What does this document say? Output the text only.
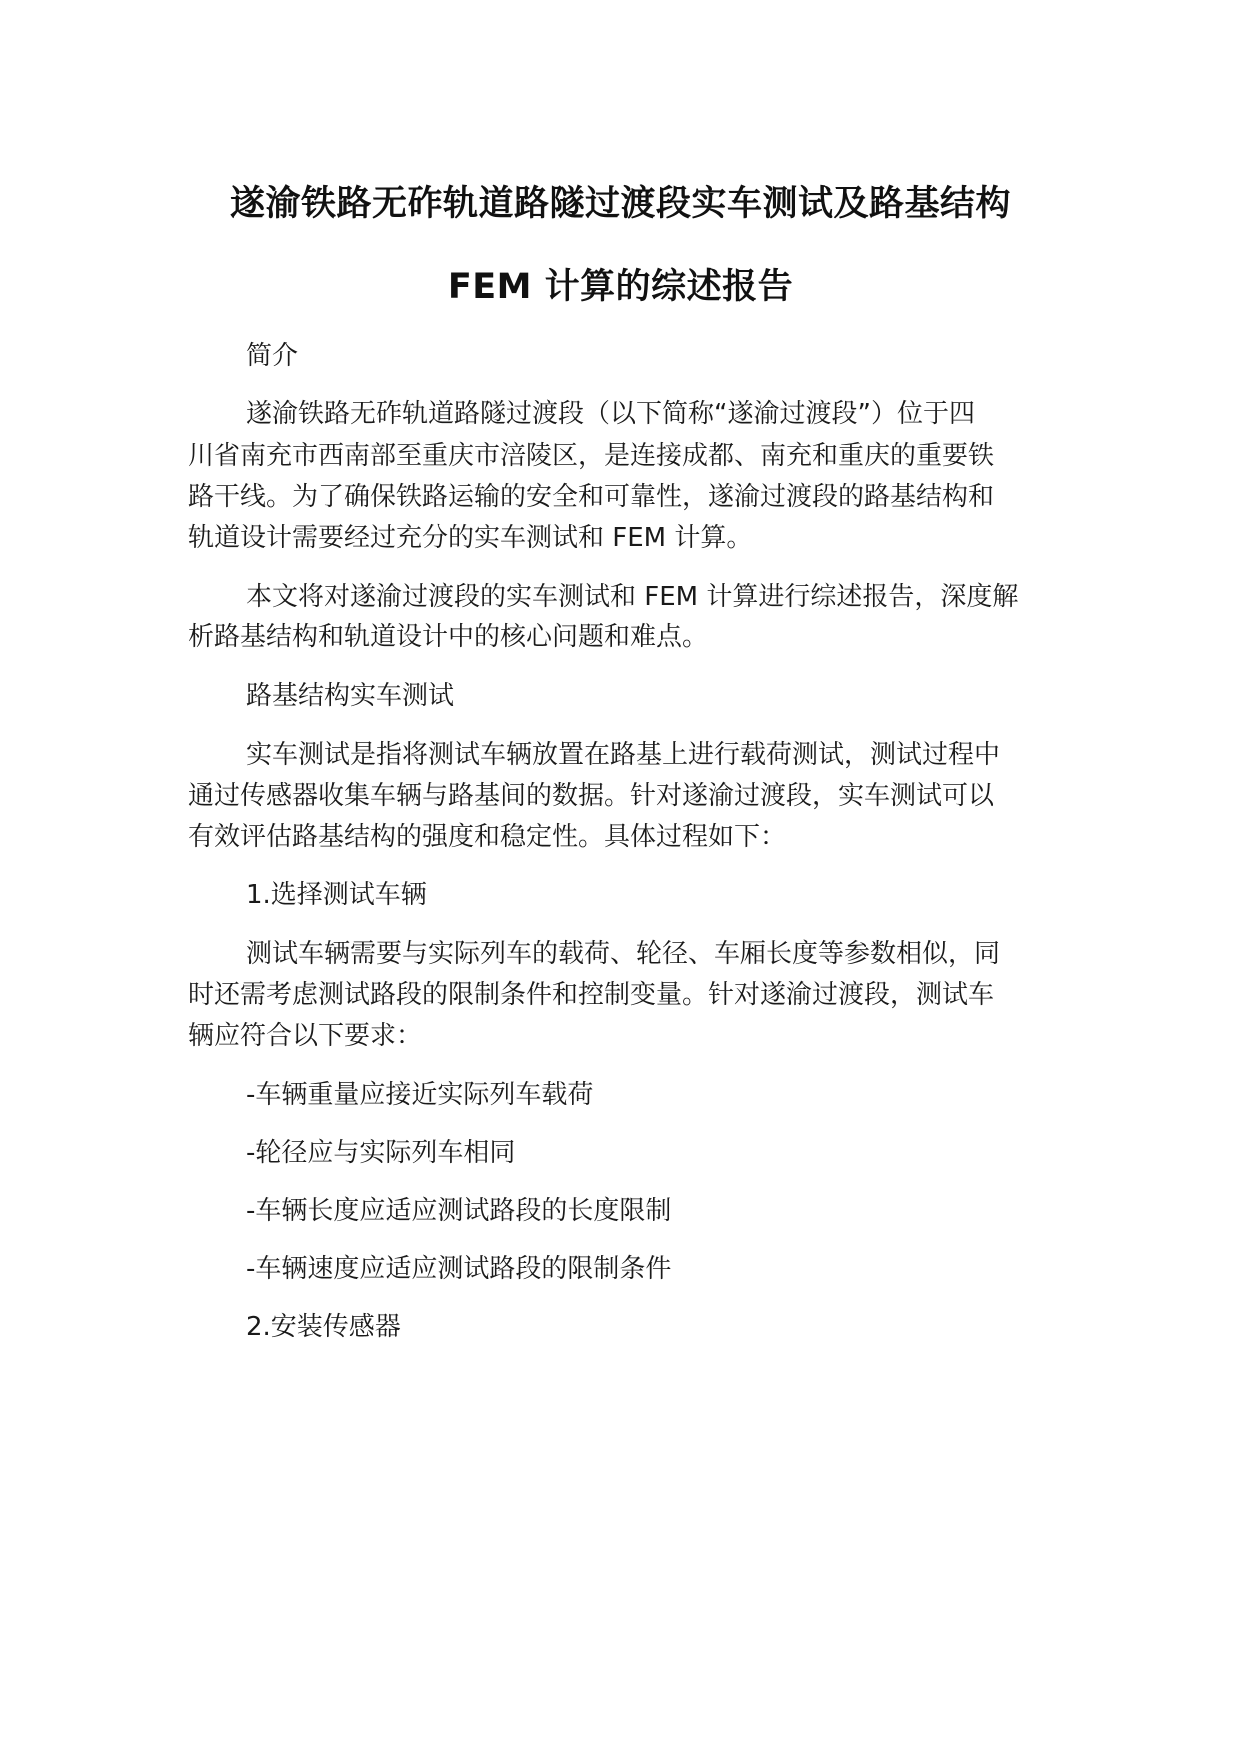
遂渝铁路无砟轨道路隧过渡段实车测试及路基结构
FEM 计算的综述报告
简介
遂渝铁路无砟轨道路隧过渡段（以下简称“遂渝过渡段”）位于四
川省南充市西南部至重庆市涪陵区，是连接成都、南充和重庆的重要铁
路干线。为了确保铁路运输的安全和可靠性，遂渝过渡段的路基结构和
轨道设计需要经过充分的实车测试和 FEM 计算。
本文将对遂渝过渡段的实车测试和 FEM 计算进行综述报告，深度解
析路基结构和轨道设计中的核心问题和难点。
路基结构实车测试
实车测试是指将测试车辆放置在路基上进行载荷测试，测试过程中
通过传感器收集车辆与路基间的数据。针对遂渝过渡段，实车测试可以
有效评估路基结构的强度和稳定性。具体过程如下：
1.选择测试车辆
测试车辆需要与实际列车的载荷、轮径、车厢长度等参数相似，同
时还需考虑测试路段的限制条件和控制变量。针对遂渝过渡段，测试车
辆应符合以下要求：
-车辆重量应接近实际列车载荷
-轮径应与实际列车相同
-车辆长度应适应测试路段的长度限制
-车辆速度应适应测试路段的限制条件
2.安装传感器
